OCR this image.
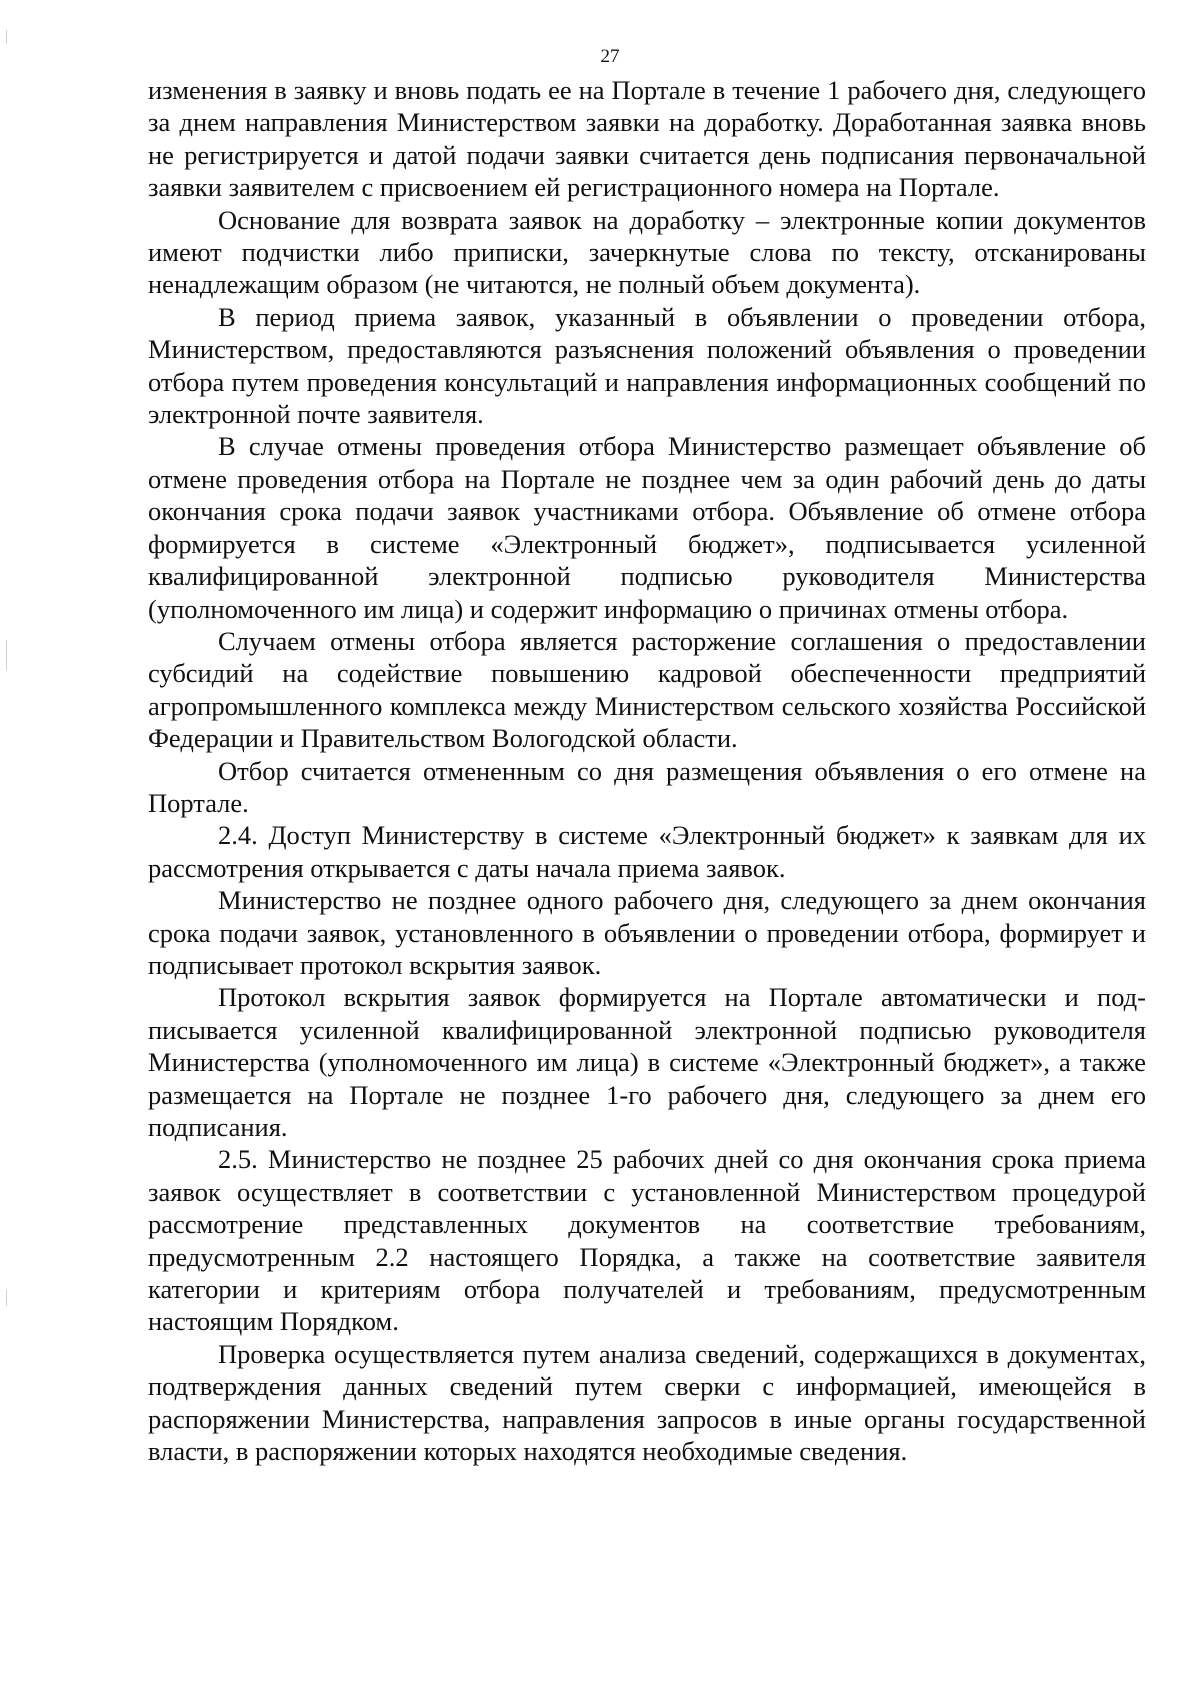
27

изменения в заявку и вновь подать ее на Портале в течение 1 рабочего дня, следующего за днем направления Министерством заявки на доработку. Доработанная заявка вновь не регистрируется и датой подачи заявки считается день подписания первоначальной заявки заявителем с присвоением ей регистрационного номера на Портале.

Основание для возврата заявок на доработку – электронные копии документов имеют подчистки либо приписки, зачеркнутые слова по тексту, отсканированы ненадлежащим образом (не читаются, не полный объем документа).

В период приема заявок, указанный в объявлении о проведении отбора, Министерством, предоставляются разъяснения положений объявления о проведении отбора путем проведения консультаций и направления информационных сообщений по электронной почте заявителя.

В случае отмены проведения отбора Министерство размещает объявление об отмене проведения отбора на Портале не позднее чем за один рабочий день до даты окончания срока подачи заявок участниками отбора. Объявление об отмене отбора формируется в системе «Электронный бюджет», подписывается усиленной квалифицированной электронной подписью руководителя Министерства (уполномоченного им лица) и содержит информацию о причинах отмены отбора.

Случаем отмены отбора является расторжение соглашения о предоставлении субсидий на содействие повышению кадровой обеспеченности предприятий агропромышленного комплекса между Министерством сельского хозяйства Российской Федерации и Правительством Вологодской области.

Отбор считается отмененным со дня размещения объявления о его отмене на Портале.

2.4. Доступ Министерству в системе «Электронный бюджет» к заявкам для их рассмотрения открывается с даты начала приема заявок.

Министерство не позднее одного рабочего дня, следующего за днем окончания срока подачи заявок, установленного в объявлении о проведении отбора, формирует и подписывает протокол вскрытия заявок.

Протокол вскрытия заявок формируется на Портале автоматически и подписывается усиленной квалифицированной электронной подписью руководителя Министерства (уполномоченного им лица) в системе «Электронный бюджет», а также размещается на Портале не позднее 1-го рабочего дня, следующего за днем его подписания.

2.5. Министерство не позднее 25 рабочих дней со дня окончания срока приема заявок осуществляет в соответствии с установленной Министерством процедурой рассмотрение представленных документов на соответствие требованиям, предусмотренным 2.2 настоящего Порядка, а также на соответствие заявителя категории и критериям отбора получателей и требованиям, предусмотренным настоящим Порядком.

Проверка осуществляется путем анализа сведений, содержащихся в документах, подтверждения данных сведений путем сверки с информацией, имеющейся в распоряжении Министерства, направления запросов в иные органы государственной власти, в распоряжении которых находятся необходимые сведения.
